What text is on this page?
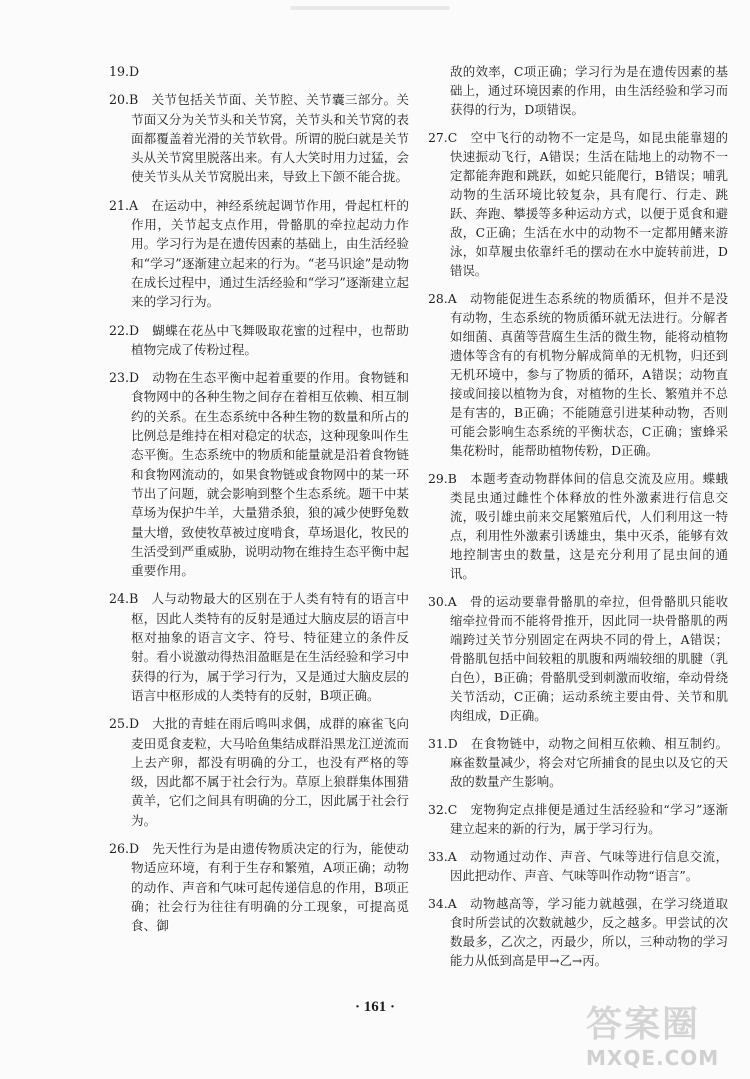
19.D

20.B　关节包括关节面、关节腔、关节囊三部分。关节面又分为关节头和关节窝，关节头和关节窝的表面都覆盖着光滑的关节软骨。所谓的脱臼就是关节头从关节窝里脱落出来。有人大笑时用力过猛，会使关节头从关节窝脱出来，导致上下颌不能合拢。

21.A　在运动中，神经系统起调节作用，骨起杠杆的作用，关节起支点作用，骨骼肌的牵拉起动力作用。学习行为是在遗传因素的基础上，由生活经验和“学习”逐渐建立起来的行为。“老马识途”是动物在成长过程中，通过生活经验和“学习”逐渐建立起来的学习行为。

22.D　蝴蝶在花丛中飞舞吸取花蜜的过程中，也帮助植物完成了传粉过程。

23.D　动物在生态平衡中起着重要的作用。食物链和食物网中的各种生物之间存在着相互依赖、相互制约的关系。在生态系统中各种生物的数量和所占的比例总是维持在相对稳定的状态，这种现象叫作生态平衡。生态系统中的物质和能量就是沿着食物链和食物网流动的，如果食物链或食物网中的某一环节出了问题，就会影响到整个生态系统。题干中某草场为保护牛羊，大量猎杀狼，狼的减少使野兔数量大增，致使牧草被过度啃食，草场退化，牧民的生活受到严重威胁，说明动物在维持生态平衡中起重要作用。

24.B　人与动物最大的区别在于人类有特有的语言中枢，因此人类特有的反射是通过大脑皮层的语言中枢对抽象的语言文字、符号、特征建立的条件反射。看小说激动得热泪盈眶是在生活经验和学习中获得的行为，属于学习行为，又是通过大脑皮层的语言中枢形成的人类特有的反射，B项正确。

25.D　大批的青蛙在雨后鸣叫求偶，成群的麻雀飞向麦田觅食麦粒，大马哈鱼集结成群沿黑龙江逆流而上去产卵，都没有明确的分工，也没有严格的等级，因此都不属于社会行为。草原上狼群集体围猎黄羊，它们之间具有明确的分工，因此属于社会行为。

26.D　先天性行为是由遗传物质决定的行为，能使动物适应环境，有利于生存和繁殖，A项正确；动物的动作、声音和气味可起传递信息的作用，B项正确；社会行为往往有明确的分工现象，可提高觅食、御

敌的效率，C项正确；学习行为是在遗传因素的基础上，通过环境因素的作用，由生活经验和学习而获得的行为，D项错误。

27.C　空中飞行的动物不一定是鸟，如昆虫能靠翅的快速振动飞行，A错误；生活在陆地上的动物不一定都能奔跑和跳跃，如蛇只能爬行，B错误；哺乳动物的生活环境比较复杂，具有爬行、行走、跳跃、奔跑、攀援等多种运动方式，以便于觅食和避敌，C正确；生活在水中的动物不一定都用鳍来游泳，如草履虫依靠纤毛的摆动在水中旋转前进，D错误。

28.A　动物能促进生态系统的物质循环，但并不是没有动物，生态系统的物质循环就无法进行。分解者如细菌、真菌等营腐生生活的微生物，能将动植物遗体等含有的有机物分解成简单的无机物，归还到无机环境中，参与了物质的循环，A错误；动物直接或间接以植物为食，对植物的生长、繁殖并不总是有害的，B正确；不能随意引进某种动物，否则可能会影响生态系统的平衡状态，C正确；蜜蜂采集花粉时，能帮助植物传粉，D正确。

29.B　本题考查动物群体间的信息交流及应用。蝶蛾类昆虫通过雌性个体释放的性外激素进行信息交流，吸引雄虫前来交尾繁殖后代，人们利用这一特点，利用性外激素引诱雄虫，集中灭杀，能够有效地控制害虫的数量，这是充分利用了昆虫间的通讯。

30.A　骨的运动要靠骨骼肌的牵拉，但骨骼肌只能收缩牵拉骨而不能将骨推开，因此同一块骨骼肌的两端跨过关节分别固定在两块不同的骨上，A错误；骨骼肌包括中间较粗的肌腹和两端较细的肌腱（乳白色），B正确；骨骼肌受到刺激而收缩，牵动骨绕关节活动，C正确；运动系统主要由骨、关节和肌肉组成，D正确。

31.D　在食物链中，动物之间相互依赖、相互制约。麻雀数量减少，将会对它所捕食的昆虫以及它的天敌的数量产生影响。

32.C　宠物狗定点排便是通过生活经验和“学习”逐渐建立起来的新的行为，属于学习行为。

33.A　动物通过动作、声音、气味等进行信息交流，因此把动作、声音、气味等叫作动物“语言”。

34.A　动物越高等，学习能力就越强，在学习绕道取食时所尝试的次数就越少，反之越多。甲尝试的次数最多，乙次之，丙最少，所以，三种动物的学习能力从低到高是甲→乙→丙。

· 161 ·	答案圈
MXQE.COM
